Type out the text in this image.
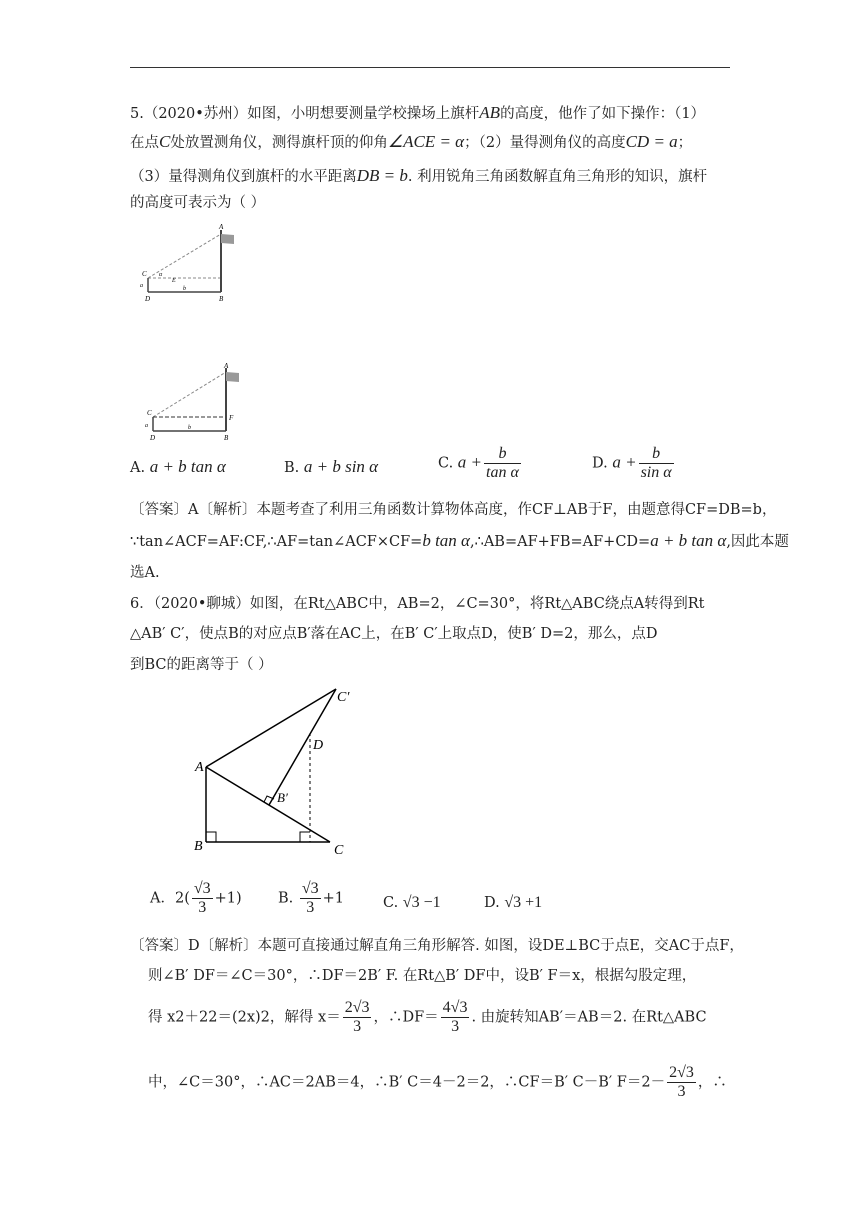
5.（2020•苏州）如图，小明想要测量学校操场上旗杆AB的高度，他作了如下操作：（1）
在点C处放置测角仪，测得旗杆顶的仰角∠ACE = α；（2）量得测角仪的高度CD = a；
（3）量得测角仪到旗杆的水平距离DB = b. 利用锐角三角函数解直角三角形的知识，旗杆
的高度可表示为（ ）
A
C α
E
a
D
b
B
A
C
F
a
D
b
B
A. a + b tan α	B. a + b sin α	C. $a + \frac{b}{\text{tan α}}$	D. $a + \frac{b}{\text{sin α}}$
〔答案〕A〔解析〕本题考查了利用三角函数计算物体高度，作CF⊥AB于F，由题意得CF=DB=b，
∵tan∠ACF=AF:CF,∴AF=tan∠ACF×CF=b tan α,∴AB=AF+FB=AF+CD=a + b tan α,因此本题
选A.
6．（2020•聊城）如图，在Rt△ABC中，AB=2，∠C=30°，将Rt△ABC绕点A转得到Rt
△AB′ C′，使点B的对应点B′落在AC上，在B′ C′上取点D，使B′ D=2，那么，点D
到BC的距离等于（ ）
A
B	C
C′
D
B′
A．$2( \frac{√3}{3} +1)$	B. $\frac{√3}{3} +1$	C. √3 −1	D. √3 +1
〔答案〕D〔解析〕本题可直接通过解直角三角形解答. 如图，设DE⊥BC于点E，交AC于点F，
则∠B′ DF＝∠C＝30°，∴DF＝2B′ F. 在Rt△B′ DF中，设B′ F＝x，根据勾股定理，
得 x2＋22＝(2x)2，解得 $x= \frac{2√3}{3}$ ，∴DF＝ $\frac{4√3}{3}$ . 由旋转知AB′＝AB＝2. 在Rt△ABC
中，∠C＝30°，∴AC＝2AB＝4，∴B′ C＝4－2＝2，∴CF＝B′ C－B′ $F=2- \frac{2√3}{3}$ ，∴
